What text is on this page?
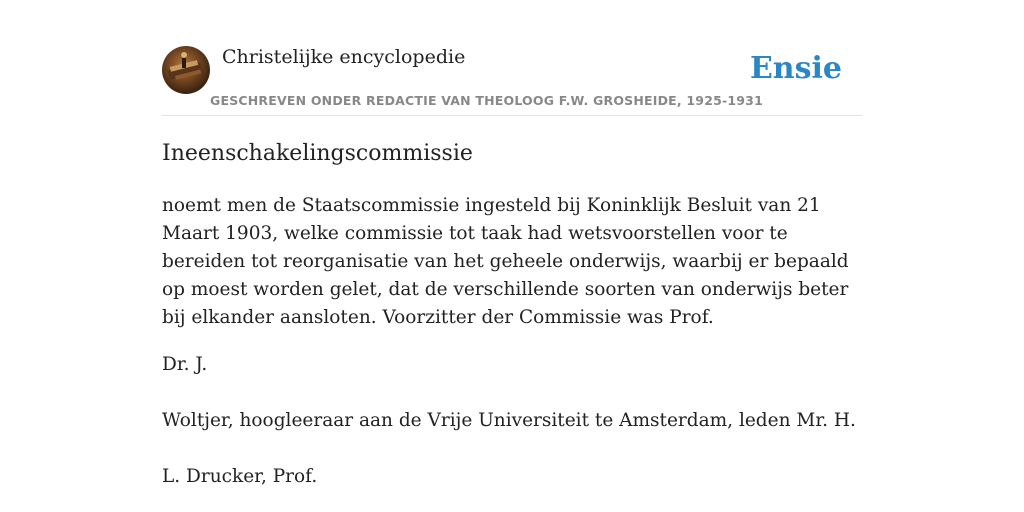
Christelijke encyclopedie
GESCHREVEN ONDER REDACTIE VAN THEOLOOG F.W. GROSHEIDE, 1925-1931
Ensie
Ineenschakelingscommissie

noemt men de Staatscommissie ingesteld bij Koninklijk Besluit van 21 Maart 1903, welke commissie tot taak had wetsvoorstellen voor te bereiden tot reorganisatie van het geheele onderwijs, waarbij er bepaald op moest worden gelet, dat de verschillende soorten van onderwijs beter bij elkander aansloten. Voorzitter der Commissie was Prof.

Dr. J.

Woltjer, hoogleeraar aan de Vrije Universiteit te Amsterdam, leden Mr. H.

L. Drucker, Prof.
